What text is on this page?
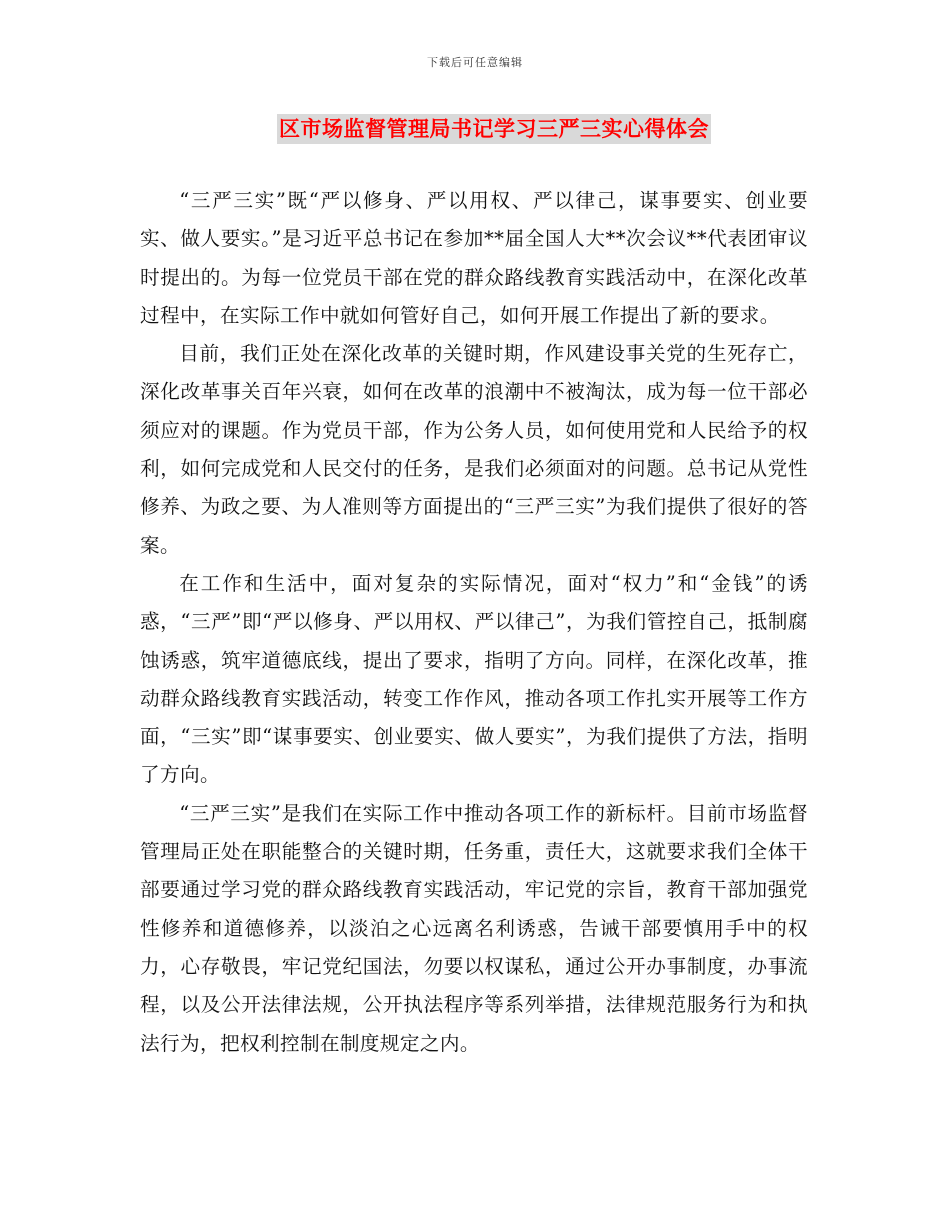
下载后可任意编辑
区市场监督管理局书记学习三严三实心得体会

“三严三实”既“严以修身、严以用权、严以律己，谋事要实、创业要实、做人要实。”是习近平总书记在参加**届全国人大**次会议**代表团审议时提出的。为每一位党员干部在党的群众路线教育实践活动中，在深化改革过程中，在实际工作中就如何管好自己，如何开展工作提出了新的要求。

目前，我们正处在深化改革的关键时期，作风建设事关党的生死存亡，深化改革事关百年兴衰，如何在改革的浪潮中不被淘汰，成为每一位干部必须应对的课题。作为党员干部，作为公务人员，如何使用党和人民给予的权利，如何完成党和人民交付的任务，是我们必须面对的问题。总书记从党性修养、为政之要、为人准则等方面提出的“三严三实”为我们提供了很好的答案。

在工作和生活中，面对复杂的实际情况，面对“权力”和“金钱”的诱惑，“三严”即“严以修身、严以用权、严以律己”，为我们管控自己，抵制腐蚀诱惑，筑牢道德底线，提出了要求，指明了方向。同样，在深化改革，推动群众路线教育实践活动，转变工作作风，推动各项工作扎实开展等工作方面，“三实”即“谋事要实、创业要实、做人要实”，为我们提供了方法，指明了方向。

“三严三实”是我们在实际工作中推动各项工作的新标杆。目前市场监督管理局正处在职能整合的关键时期，任务重，责任大，这就要求我们全体干部要通过学习党的群众路线教育实践活动，牢记党的宗旨，教育干部加强党性修养和道德修养，以淡泊之心远离名利诱惑，告诫干部要慎用手中的权力，心存敬畏，牢记党纪国法，勿要以权谋私，通过公开办事制度，办事流程，以及公开法律法规，公开执法程序等系列举措，法律规范服务行为和执法行为，把权利控制在制度规定之内。
